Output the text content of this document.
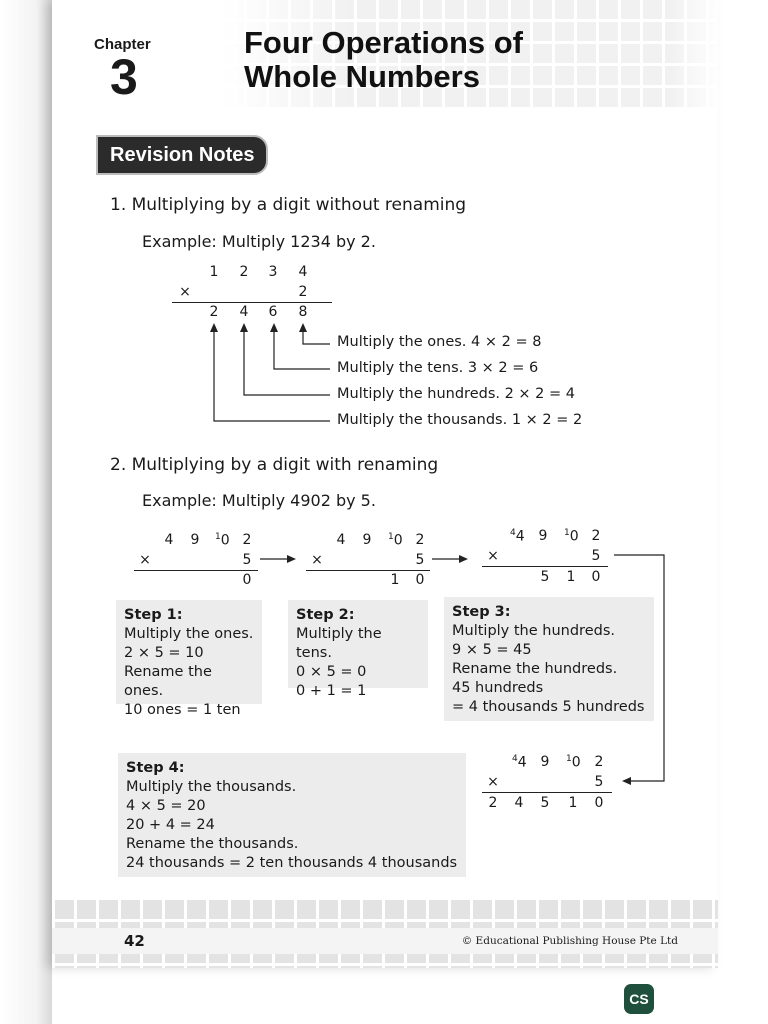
Chapter
3
Four Operations of
Whole Numbers
Revision Notes
1. Multiplying by a digit without renaming
Example: Multiply 1234 by 2.
1 2 3 4
×	2
2 4 6 8
Multiply the ones. 4 × 2 = 8
Multiply the tens. 3 × 2 = 6
Multiply the hundreds. 2 × 2 = 4
Multiply the thousands. 1 × 2 = 2
2. Multiplying by a digit with renaming
Example: Multiply 4902 by 5.
4 9 $^1$0 2
×	5
0
4 9 $^1$0 2
×	5
1 0
$^4$4 9 $^1$0 2
×	5
5 1 0
Step 1:
Multiply the ones.
2 × 5 = 10
Rename the ones.
10 ones = 1 ten
Step 2:
Multiply the tens.
0 × 5 = 0
0 + 1 = 1
Step 3:
Multiply the hundreds.
9 × 5 = 45
Rename the hundreds.
45 hundreds
= 4 thousands 5 hundreds
Step 4:
Multiply the thousands.
4 × 5 = 20
20 + 4 = 24
Rename the thousands.
24 thousands = 2 ten thousands 4 thousands
$^4$4 9 $^1$0 2
×	5
2 4 5 1 0
42	© Educational Publishing House Pte Ltd
CS
